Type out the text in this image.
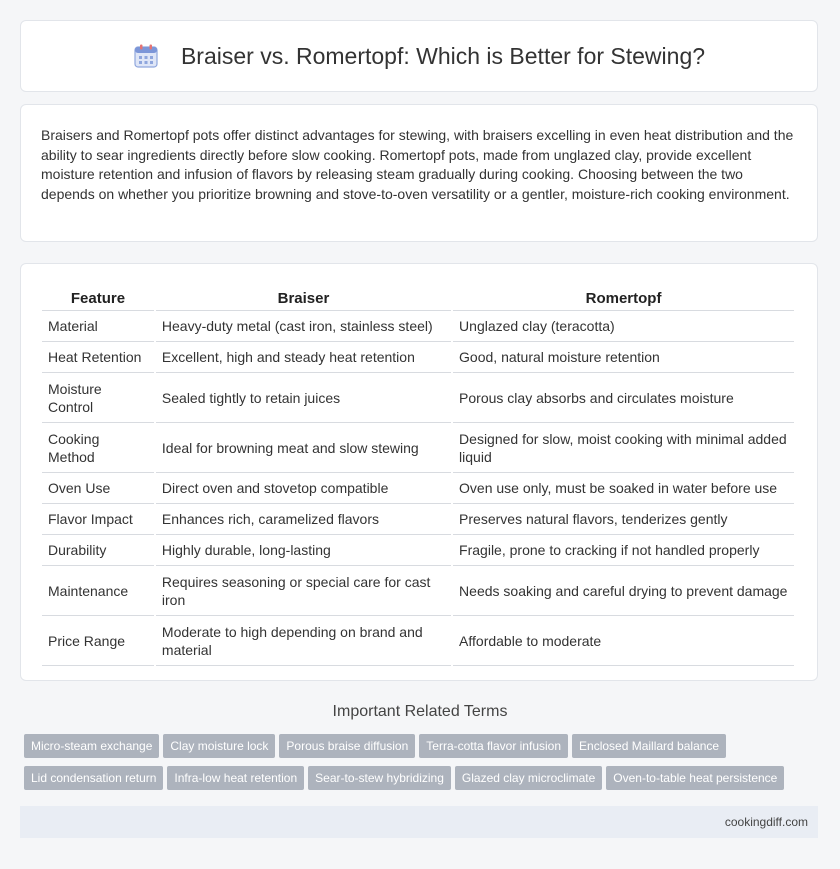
Braiser vs. Romertopf: Which is Better for Stewing?

Braisers and Romertopf pots offer distinct advantages for stewing, with braisers excelling in even heat distribution and the ability to sear ingredients directly before slow cooking. Romertopf pots, made from unglazed clay, provide excellent moisture retention and infusion of flavors by releasing steam gradually during cooking. Choosing between the two depends on whether you prioritize browning and stove-to-oven versatility or a gentler, moisture-rich cooking environment.

Feature	Braiser	Romertopf
Material	Heavy-duty metal (cast iron, stainless steel)	Unglazed clay (teracotta)
Heat Retention	Excellent, high and steady heat retention	Good, natural moisture retention
Moisture Control	Sealed tightly to retain juices	Porous clay absorbs and circulates moisture
Cooking Method	Ideal for browning meat and slow stewing	Designed for slow, moist cooking with minimal added liquid
Oven Use	Direct oven and stovetop compatible	Oven use only, must be soaked in water before use
Flavor Impact	Enhances rich, caramelized flavors	Preserves natural flavors, tenderizes gently
Durability	Highly durable, long-lasting	Fragile, prone to cracking if not handled properly
Maintenance	Requires seasoning or special care for cast iron	Needs soaking and careful drying to prevent damage
Price Range	Moderate to high depending on brand and material	Affordable to moderate
Important Related Terms
Micro-steam exchange Clay moisture lock Porous braise diffusion Terra-cotta flavor infusion Enclosed Maillard balance
Lid condensation return Infra-low heat retention Sear-to-stew hybridizing Glazed clay microclimate Oven-to-table heat persistence
cookingdiff.com
